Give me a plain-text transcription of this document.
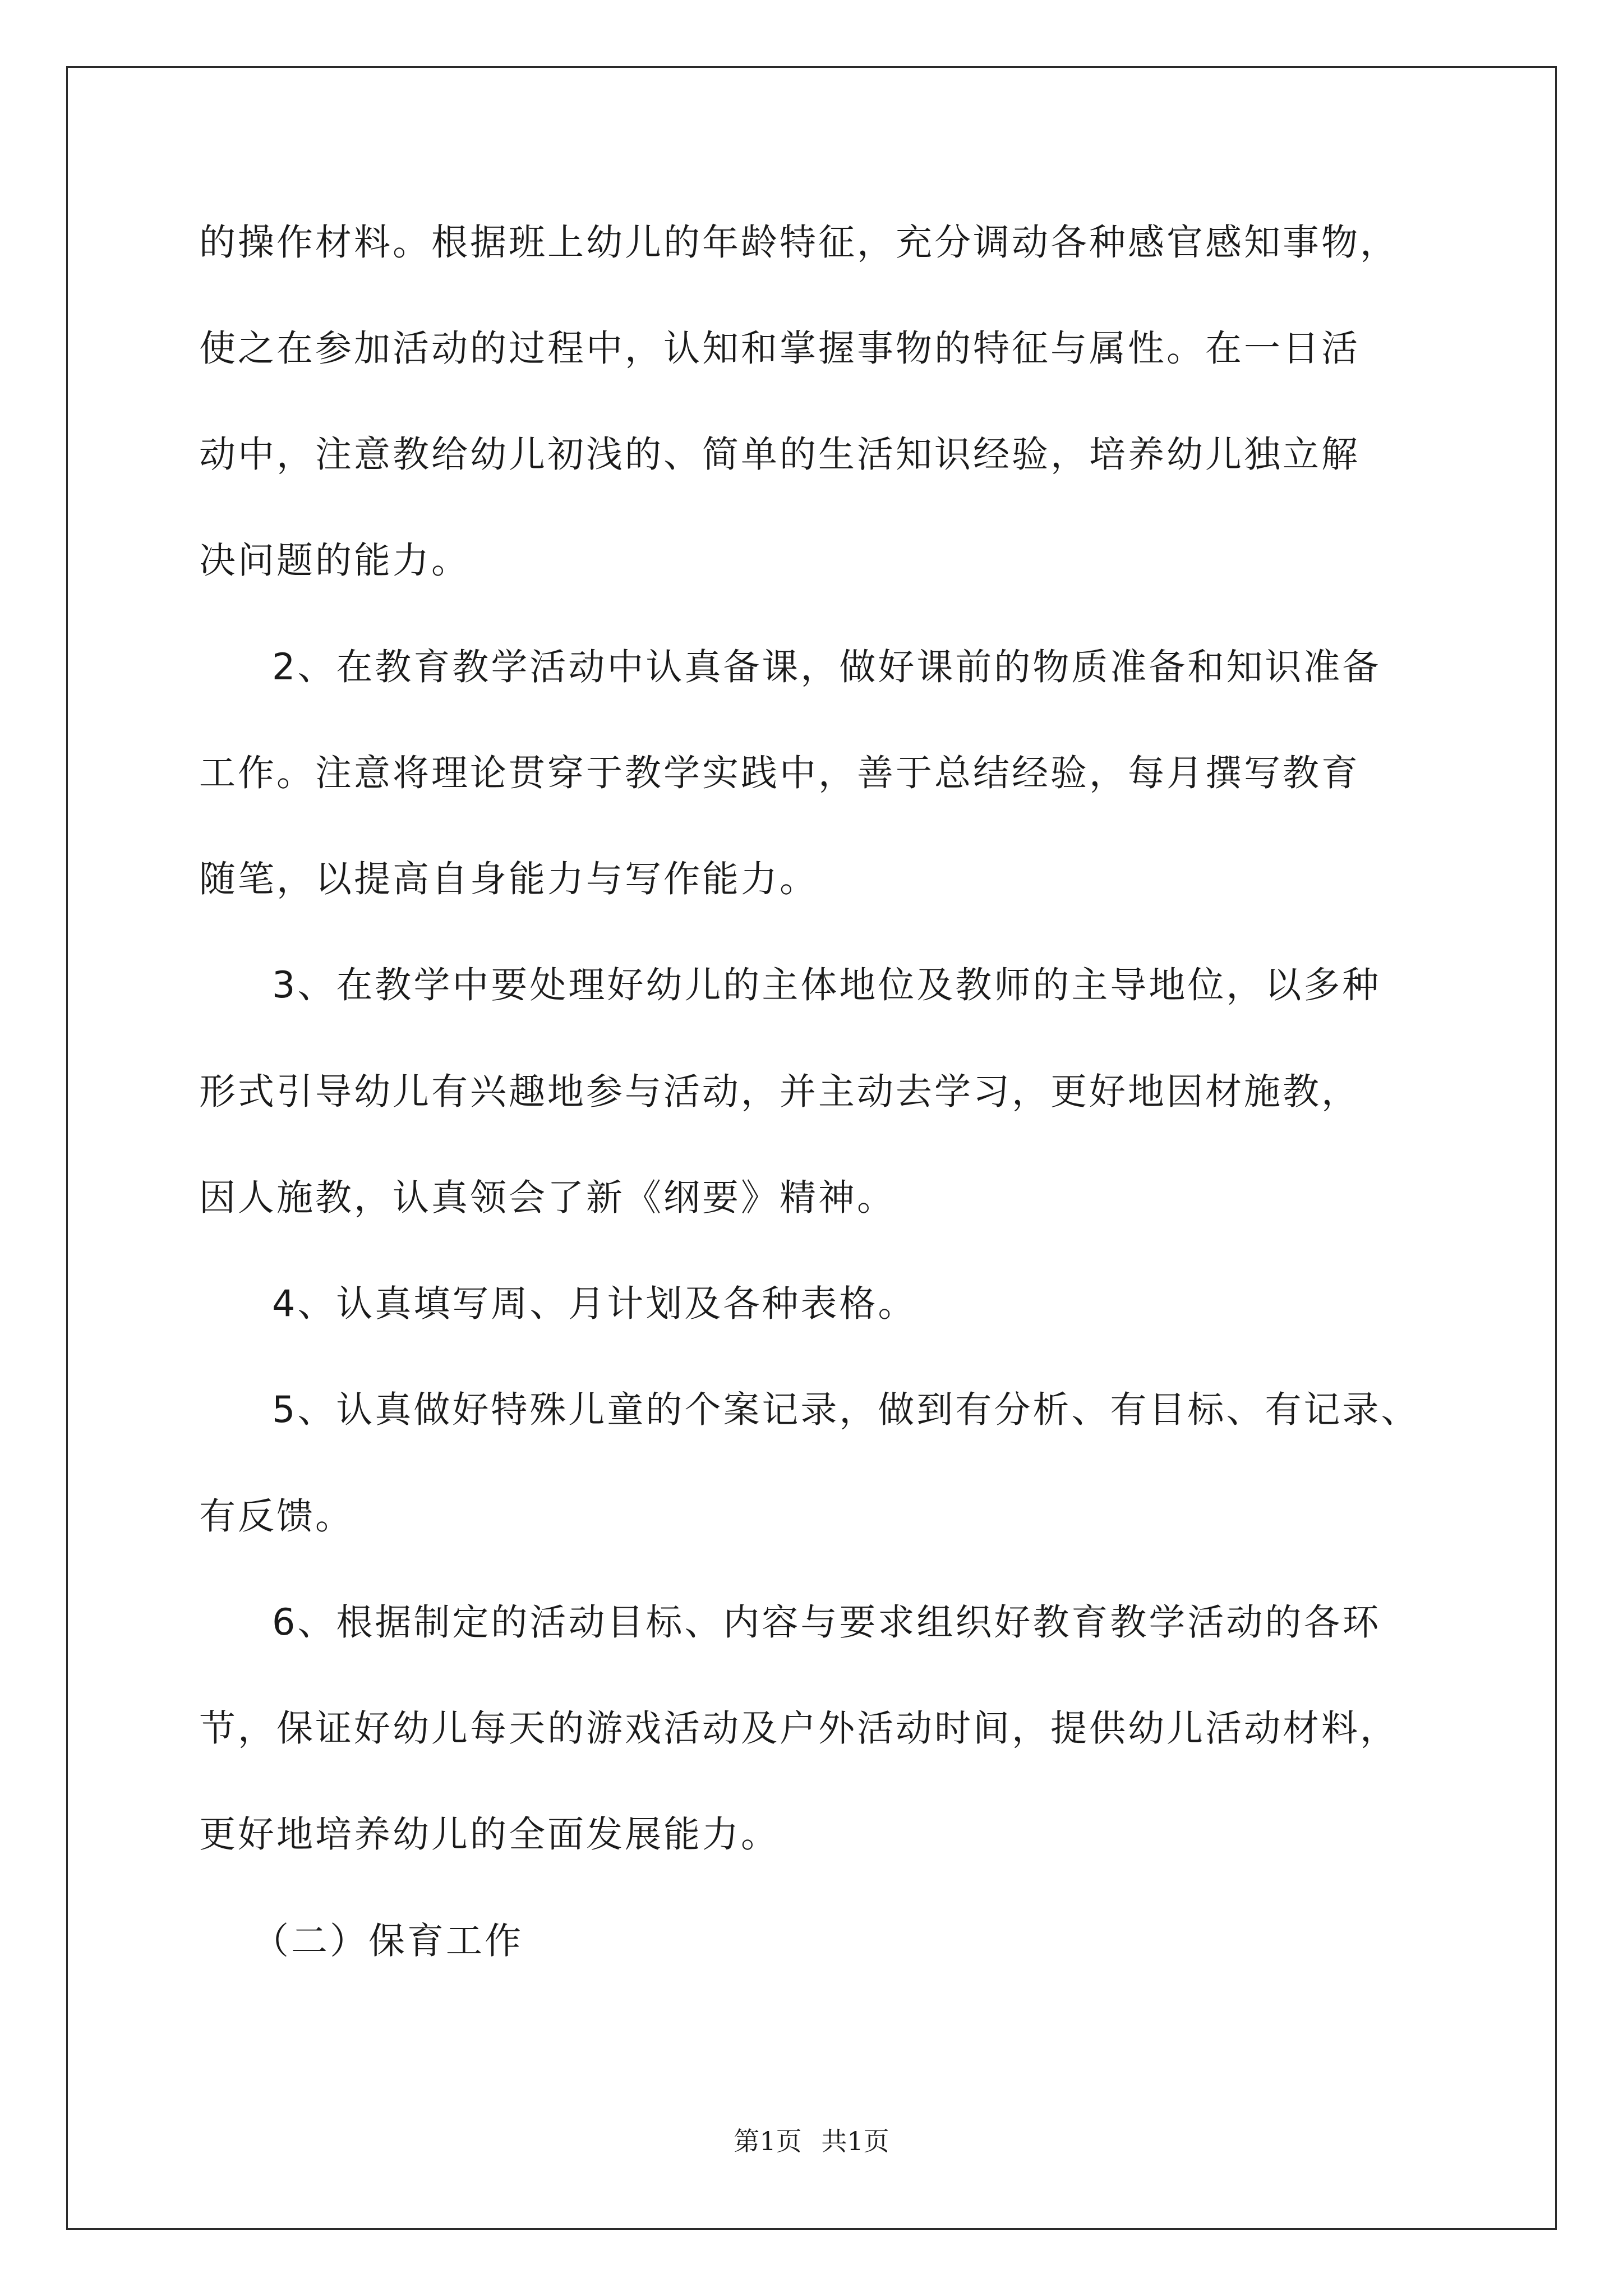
的操作材料。根据班上幼儿的年龄特征，充分调动各种感官感知事物，
使之在参加活动的过程中，认知和掌握事物的特征与属性。在一日活
动中，注意教给幼儿初浅的、简单的生活知识经验，培养幼儿独立解
决问题的能力。
2、在教育教学活动中认真备课，做好课前的物质准备和知识准备
工作。注意将理论贯穿于教学实践中，善于总结经验，每月撰写教育
随笔，以提高自身能力与写作能力。
3、在教学中要处理好幼儿的主体地位及教师的主导地位，以多种
形式引导幼儿有兴趣地参与活动，并主动去学习，更好地因材施教，
因人施教，认真领会了新《纲要》精神。
4、认真填写周、月计划及各种表格。
5、认真做好特殊儿童的个案记录，做到有分析、有目标、有记录、
有反馈。
6、根据制定的活动目标、内容与要求组织好教育教学活动的各环
节，保证好幼儿每天的游戏活动及户外活动时间，提供幼儿活动材料，
更好地培养幼儿的全面发展能力。
（二）保育工作
第1页 共1页
